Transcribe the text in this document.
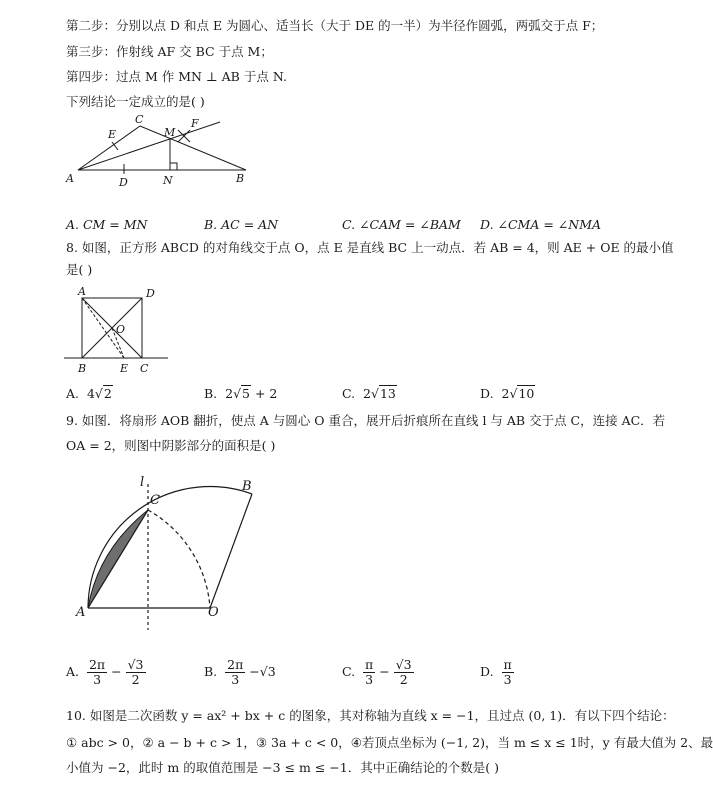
第二步：分别以点 D 和点 E 为圆心、适当长（大于 DE 的一半）为半径作圆弧，两弧交于点 F；
第三步：作射线 AF 交 BC 于点 M；
第四步：过点 M 作 MN ⊥ AB 于点 N.
下列结论一定成立的是( )
A	B
C
D
E
F
M
N
A. CM = MN	B. AC = AN	C. ∠CAM = ∠BAM D. ∠CMA = ∠NMA
8. 如图，正方形 ABCD 的对角线交于点 O，点 E 是直线 BC 上一动点．若 AB = 4，则 AE + OE 的最小值
是( )
A	D
O
B	E C
A. 4√2	B. 2√5 + 2	C. 2√13	D. 2√10
9. 如图．将扇形 AOB 翻折，使点 A 与圆心 O 重合，展开后折痕所在直线 l 与 AB 交于点 C，连接 AC．若
OA = 2，则图中阴影部分的面积是( )
l
C
B
A	O
A. $\frac{2\pi}{3} - \frac{√3}{2}$	B. $\frac{2\pi}{3} -√3$	C. $\frac{\pi}{3} - \frac{√3}{2}$	D. $\frac{\pi}{3}$
10. 如图是二次函数 y = ax² + bx + c 的图象，其对称轴为直线 x = −1，且过点 (0, 1)．有以下四个结论：
① abc > 0，② a − b + c > 1，③ 3a + c < 0，④若顶点坐标为 (−1, 2)，当 m ≤ x ≤ 1时，y 有最大值为 2、最
小值为 −2，此时 m 的取值范围是 −3 ≤ m ≤ −1．其中正确结论的个数是( )
